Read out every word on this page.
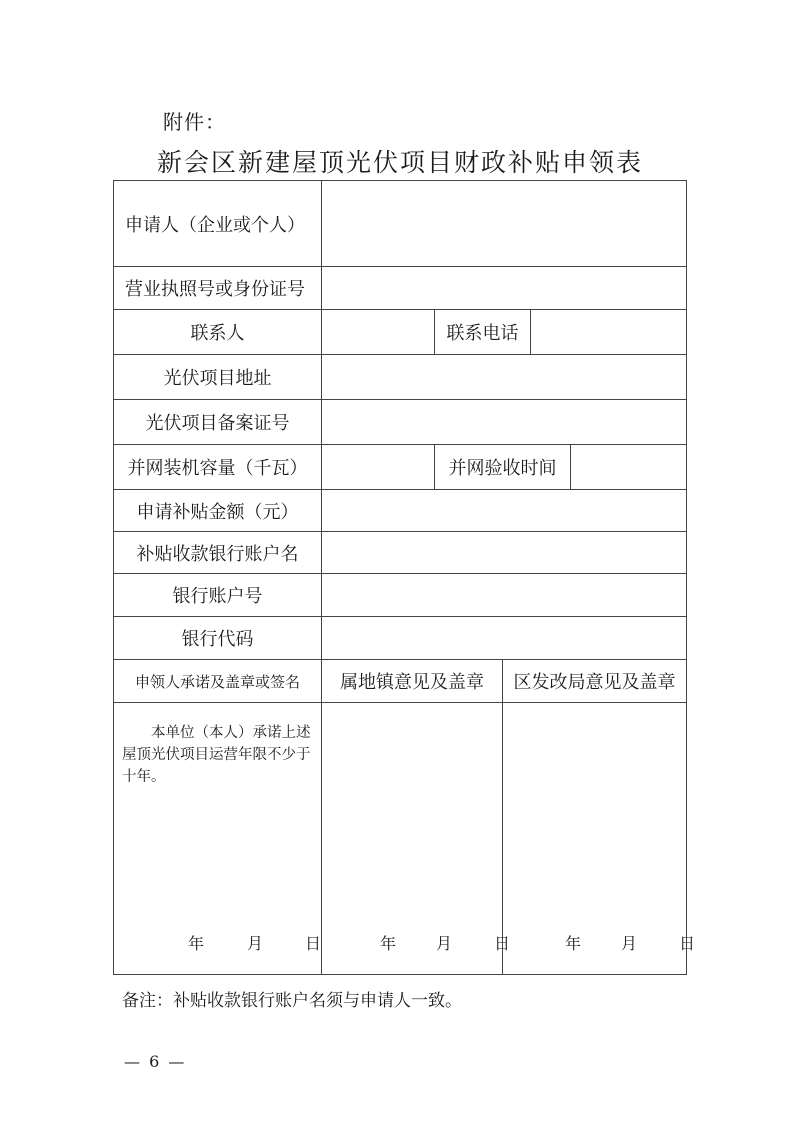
附件：
新会区新建屋顶光伏项目财政补贴申领表
申请人（企业或个人）
营业执照号或身份证号
联系人	联系电话
光伏项目地址
光伏项目备案证号
并网装机容量（千瓦）	并网验收时间
申请补贴金额（元）
补贴收款银行账户名
银行账户号
银行代码
申领人承诺及盖章或签名	属地镇意见及盖章	区发改局意见及盖章
本单位（本人）承诺上述屋顶光伏项目运营年限不少于十年。
年	月	日	年	月	日	年	月	日
备注：补贴收款银行账户名须与申请人一致。
— 6 —
